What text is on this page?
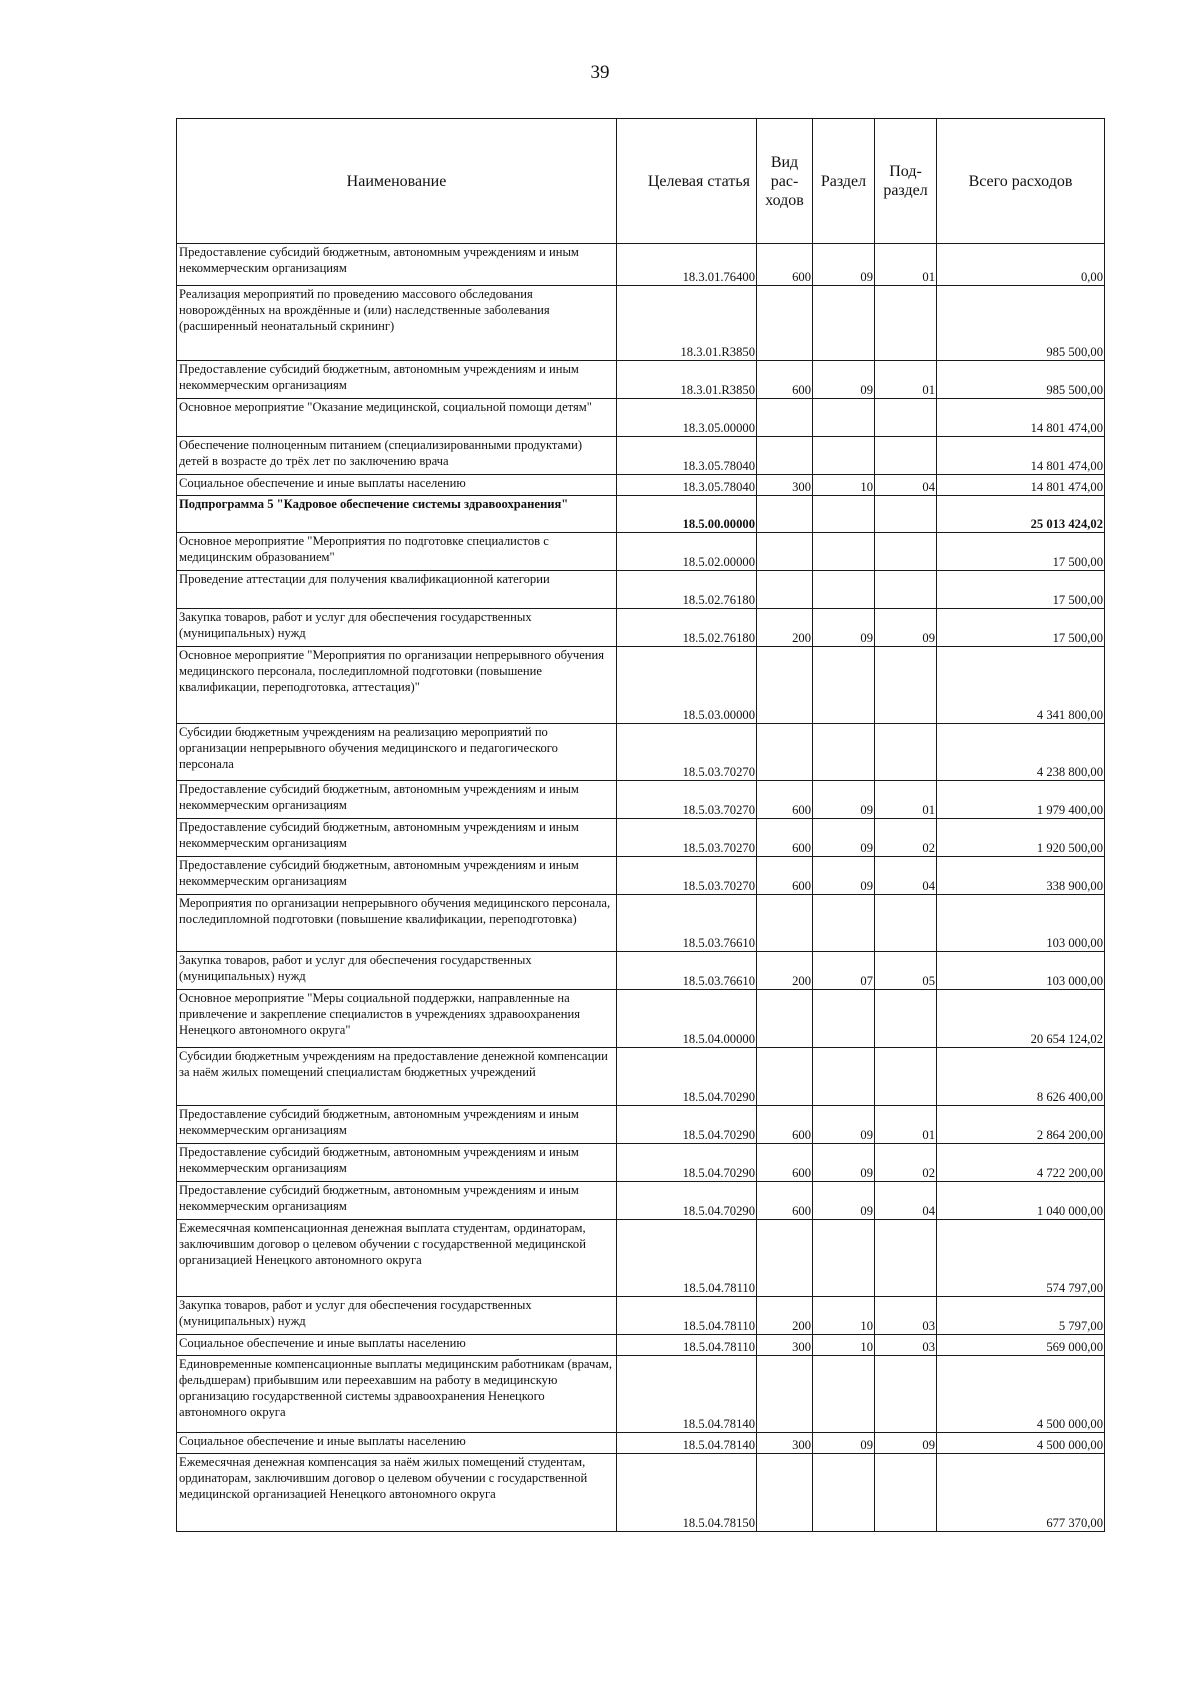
39
Наименование	Целевая статья	Вид рас- ходов	Раздел	Под- раздел	Всего расходов
Предоставление субсидий бюджетным, автономным учреждениям и иным некоммерческим организациям	18.3.01.76400	600	09	01	0,00
Реализация мероприятий по проведению массового обследования новорождённых на врождённые и (или) наследственные заболевания (расширенный неонатальный скрининг)	18.3.01.R3850				985 500,00
Предоставление субсидий бюджетным, автономным учреждениям и иным некоммерческим организациям	18.3.01.R3850	600	09	01	985 500,00
Основное мероприятие "Оказание медицинской, социальной помощи детям"	18.3.05.00000				14 801 474,00
Обеспечение полноценным питанием (специализированными продуктами) детей в возрасте до трёх лет по заключению врача	18.3.05.78040				14 801 474,00
Социальное обеспечение и иные выплаты населению	18.3.05.78040	300	10	04	14 801 474,00
Подпрограмма 5 "Кадровое обеспечение системы здравоохранения"	18.5.00.00000				25 013 424,02
Основное мероприятие "Мероприятия по подготовке специалистов с медицинским образованием"	18.5.02.00000				17 500,00
Проведение аттестации для получения квалификационной категории	18.5.02.76180				17 500,00
Закупка товаров, работ и услуг для обеспечения государственных (муниципальных) нужд	18.5.02.76180	200	09	09	17 500,00
Основное мероприятие "Мероприятия по организации непрерывного обучения медицинского персонала, последипломной подготовки (повышение квалификации, переподготовка, аттестация)"	18.5.03.00000				4 341 800,00
Субсидии бюджетным учреждениям на реализацию мероприятий по организации непрерывного обучения медицинского и педагогического персонала	18.5.03.70270				4 238 800,00
Предоставление субсидий бюджетным, автономным учреждениям и иным некоммерческим организациям	18.5.03.70270	600	09	01	1 979 400,00
Предоставление субсидий бюджетным, автономным учреждениям и иным некоммерческим организациям	18.5.03.70270	600	09	02	1 920 500,00
Предоставление субсидий бюджетным, автономным учреждениям и иным некоммерческим организациям	18.5.03.70270	600	09	04	338 900,00
Мероприятия по организации непрерывного обучения медицинского персонала, последипломной подготовки (повышение квалификации, переподготовка)	18.5.03.76610				103 000,00
Закупка товаров, работ и услуг для обеспечения государственных (муниципальных) нужд	18.5.03.76610	200	07	05	103 000,00
Основное мероприятие "Меры социальной поддержки, направленные на привлечение и закрепление специалистов в учреждениях здравоохранения Ненецкого автономного округа"	18.5.04.00000				20 654 124,02
Субсидии бюджетным учреждениям на предоставление денежной компенсации за наём жилых помещений специалистам бюджетных учреждений	18.5.04.70290				8 626 400,00
Предоставление субсидий бюджетным, автономным учреждениям и иным некоммерческим организациям	18.5.04.70290	600	09	01	2 864 200,00
Предоставление субсидий бюджетным, автономным учреждениям и иным некоммерческим организациям	18.5.04.70290	600	09	02	4 722 200,00
Предоставление субсидий бюджетным, автономным учреждениям и иным некоммерческим организациям	18.5.04.70290	600	09	04	1 040 000,00
Ежемесячная компенсационная денежная выплата студентам, ординаторам, заключившим договор о целевом обучении с государственной медицинской организацией Ненецкого автономного округа	18.5.04.78110				574 797,00
Закупка товаров, работ и услуг для обеспечения государственных (муниципальных) нужд	18.5.04.78110	200	10	03	5 797,00
Социальное обеспечение и иные выплаты населению	18.5.04.78110	300	10	03	569 000,00
Единовременные компенсационные выплаты медицинским работникам (врачам, фельдшерам) прибывшим или переехавшим на работу в медицинскую организацию государственной системы здравоохранения Ненецкого автономного округа	18.5.04.78140				4 500 000,00
Социальное обеспечение и иные выплаты населению	18.5.04.78140	300	09	09	4 500 000,00
Ежемесячная денежная компенсация за наём жилых помещений студентам, ординаторам, заключившим договор о целевом обучении с государственной медицинской организацией Ненецкого автономного округа	18.5.04.78150				677 370,00
